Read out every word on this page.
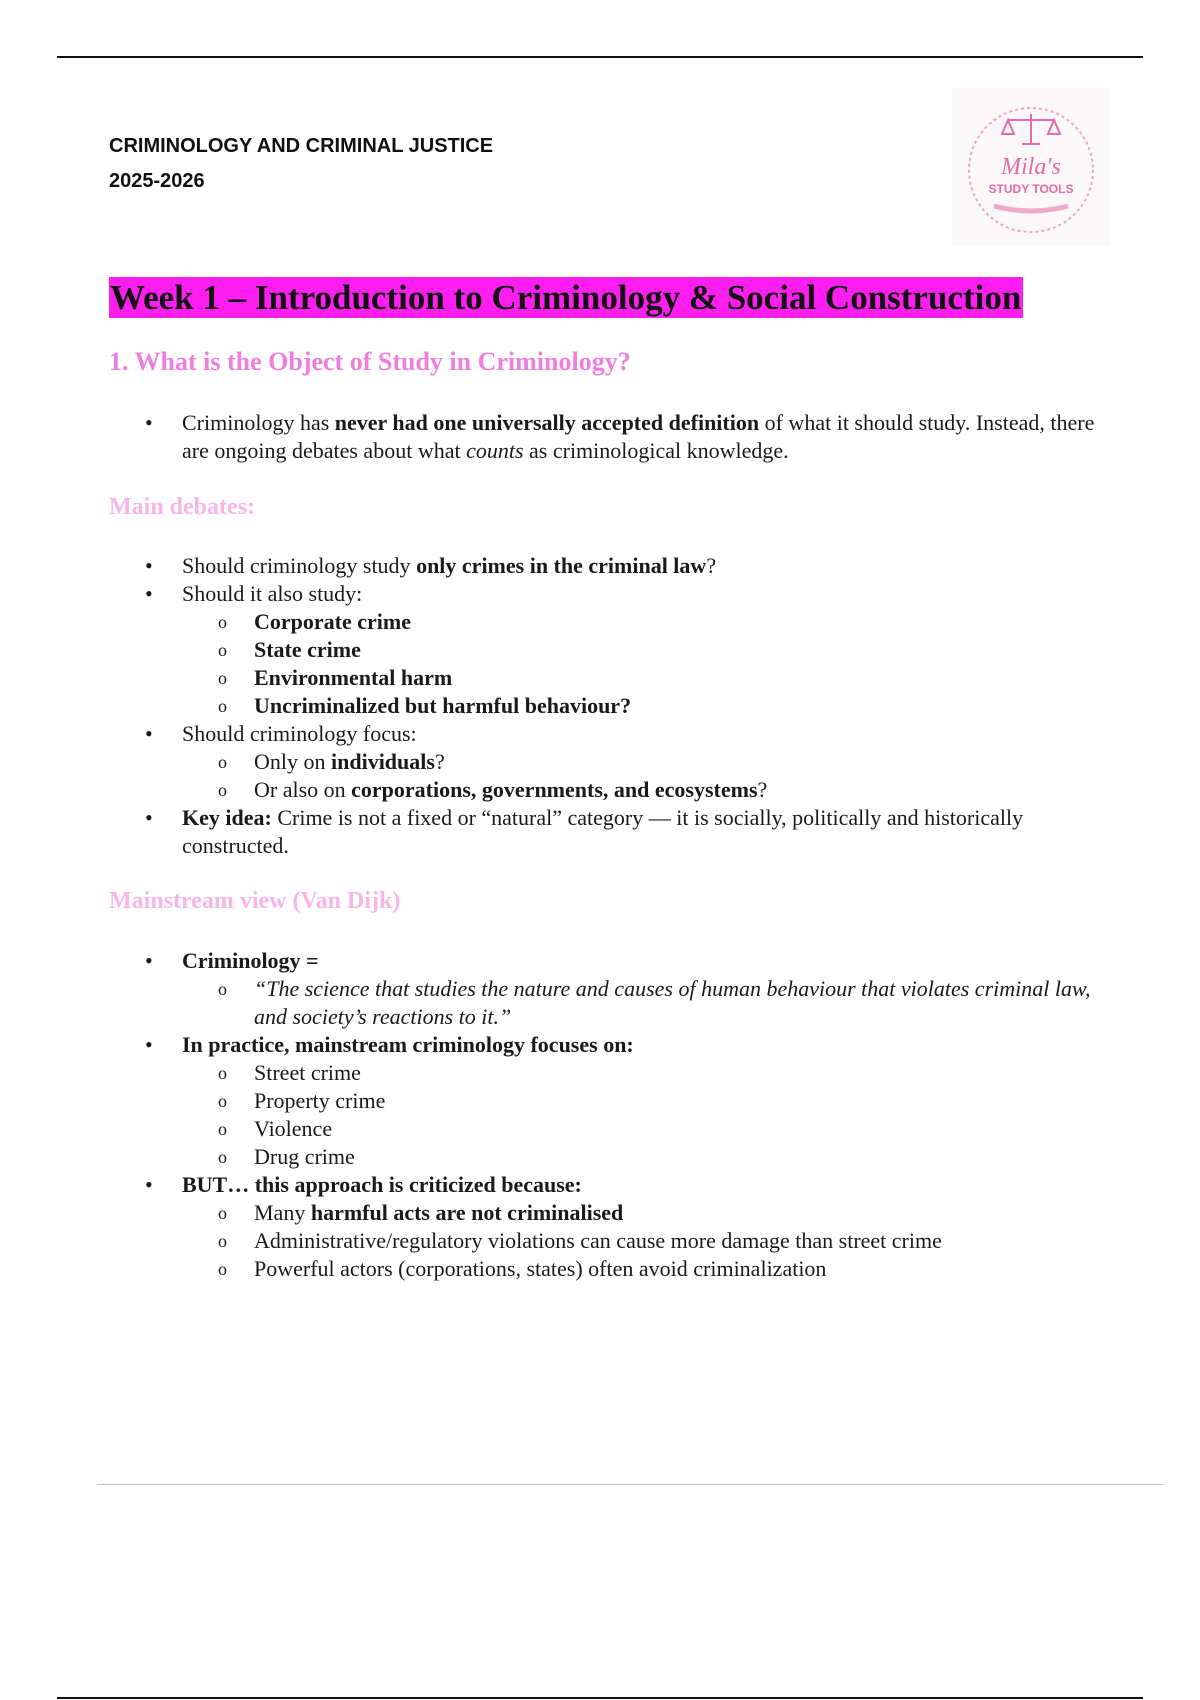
CRIMINOLOGY AND CRIMINAL JUSTICE
2025-2026
Mila's
STUDY TOOLS
Week 1 – Introduction to Criminology & Social Construction
1. What is the Object of Study in Criminology?
• Criminology has never had one universally accepted definition of what it should study. Instead, there are ongoing debates about what counts as criminological knowledge.
Main debates:
• Should criminology study only crimes in the criminal law?
• Should it also study:
o Corporate crime
o State crime
o Environmental harm
o Uncriminalized but harmful behaviour?
• Should criminology focus:
o Only on individuals?
o Or also on corporations, governments, and ecosystems?
• Key idea: Crime is not a fixed or “natural” category — it is socially, politically and historically constructed.
Mainstream view (Van Dijk)
• Criminology =
o “The science that studies the nature and causes of human behaviour that violates criminal law, and society’s reactions to it.”
• In practice, mainstream criminology focuses on:
o Street crime
o Property crime
o Violence
o Drug crime
• BUT… this approach is criticized because:
o Many harmful acts are not criminalised
o Administrative/regulatory violations can cause more damage than street crime
o Powerful actors (corporations, states) often avoid criminalization
